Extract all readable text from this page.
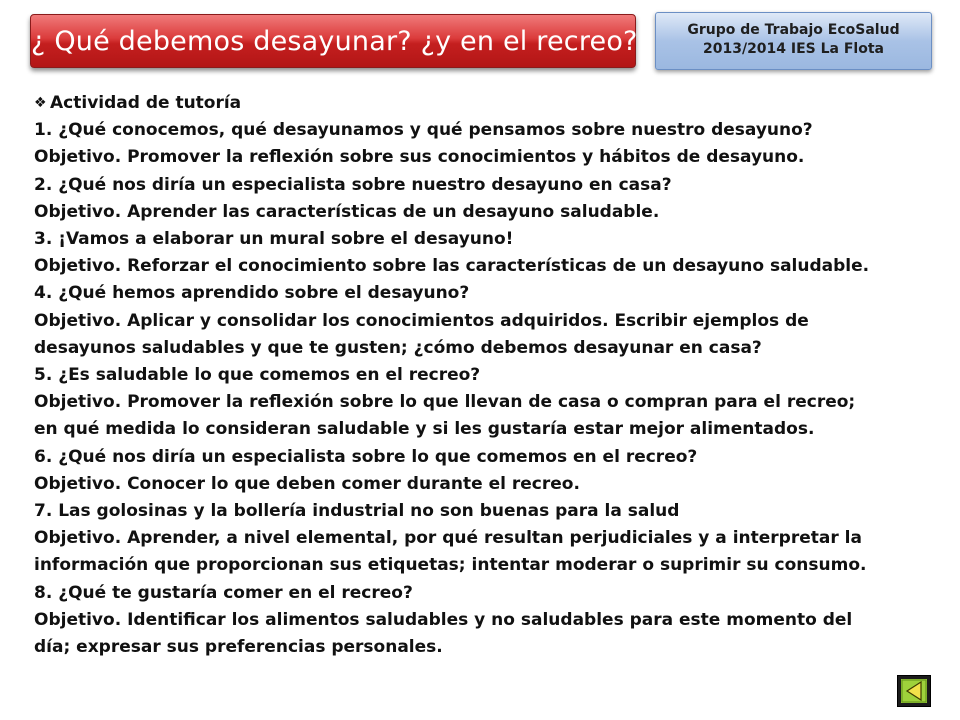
¿ Qué debemos desayunar? ¿y en el recreo?	Grupo de Trabajo EcoSalud
2013/2014 IES La Flota
❖ Actividad de tutoría
1. ¿Qué conocemos, qué desayunamos y qué pensamos sobre nuestro desayuno?
Objetivo. Promover la reflexión sobre sus conocimientos y hábitos de desayuno.
2. ¿Qué nos diría un especialista sobre nuestro desayuno en casa?
Objetivo. Aprender las características de un desayuno saludable.
3. ¡Vamos a elaborar un mural sobre el desayuno!
Objetivo. Reforzar el conocimiento sobre las características de un desayuno saludable.
4. ¿Qué hemos aprendido sobre el desayuno?
Objetivo. Aplicar y consolidar los conocimientos adquiridos. Escribir ejemplos de
desayunos saludables y que te gusten; ¿cómo debemos desayunar en casa?
5. ¿Es saludable lo que comemos en el recreo?
Objetivo. Promover la reflexión sobre lo que llevan de casa o compran para el recreo;
en qué medida lo consideran saludable y si les gustaría estar mejor alimentados.
6. ¿Qué nos diría un especialista sobre lo que comemos en el recreo?
Objetivo. Conocer lo que deben comer durante el recreo.
7. Las golosinas y la bollería industrial no son buenas para la salud
Objetivo. Aprender, a nivel elemental, por qué resultan perjudiciales y a interpretar la
información que proporcionan sus etiquetas; intentar moderar o suprimir su consumo.
8. ¿Qué te gustaría comer en el recreo?
Objetivo. Identificar los alimentos saludables y no saludables para este momento del
día; expresar sus preferencias personales.
